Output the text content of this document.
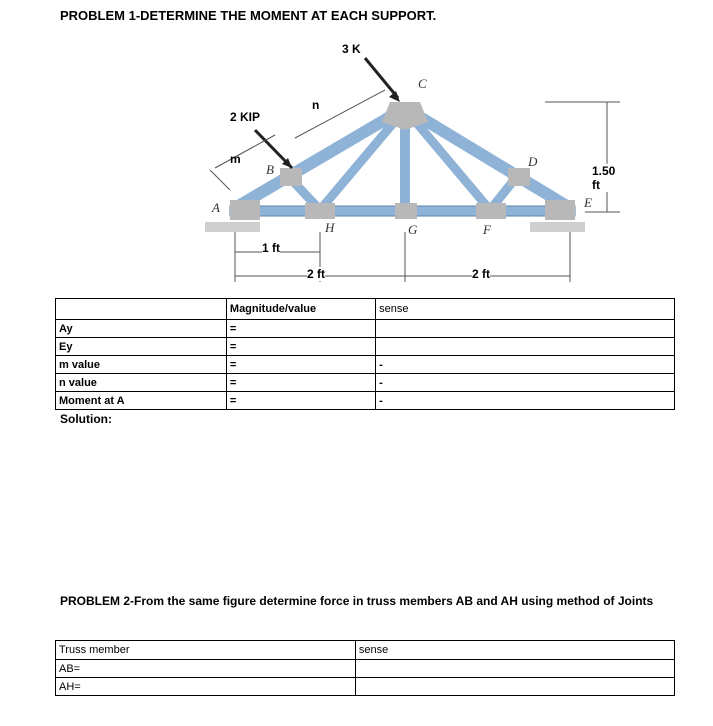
PROBLEM 1-DETERMINE THE MOMENT AT EACH SUPPORT.
3 K
2 KIP
n
m
A
B
C
D
E
F
G
H
1 ft
2 ft	2 ft
1.50 ft
	Magnitude/value	sense
Ay	=	
Ey	=	
m value	=	-
n value	=	-
Moment at A	=	-
Solution:
PROBLEM 2-From the same figure determine force in truss members AB and AH using method of Joints
Truss member	sense
AB=	
AH=	
